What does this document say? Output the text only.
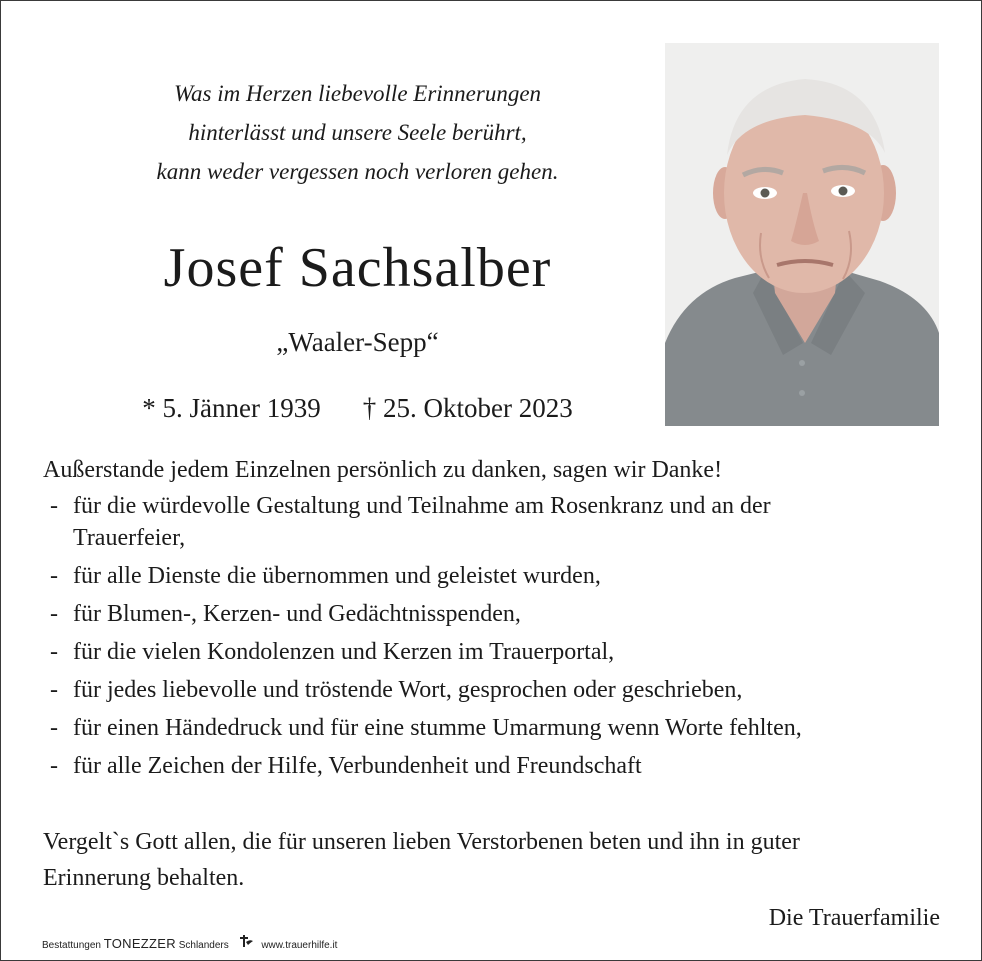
Was im Herzen liebevolle Erinnerungen
hinterlässt und unsere Seele berührt,
kann weder vergessen noch verloren gehen.
Josef Sachsalber
„Waaler-Sepp“
* 5. Jänner 1939 † 25. Oktober 2023
Außerstande jedem Einzelnen persönlich zu danken, sagen wir Danke!
- für die würdevolle Gestaltung und Teilnahme am Rosenkranz und an der
Trauerfeier,
- für alle Dienste die übernommen und geleistet wurden,
- für Blumen-, Kerzen- und Gedächtnisspenden,
- für die vielen Kondolenzen und Kerzen im Trauerportal,
- für jedes liebevolle und tröstende Wort, gesprochen oder geschrieben,
- für einen Händedruck und für eine stumme Umarmung wenn Worte fehlten,
- für alle Zeichen der Hilfe, Verbundenheit und Freundschaft
Vergelt`s Gott allen, die für unseren lieben Verstorbenen beten und ihn in guter
Erinnerung behalten.
Die Trauerfamilie
Bestattungen TONEZZER Schlanders	www.trauerhilfe.it
